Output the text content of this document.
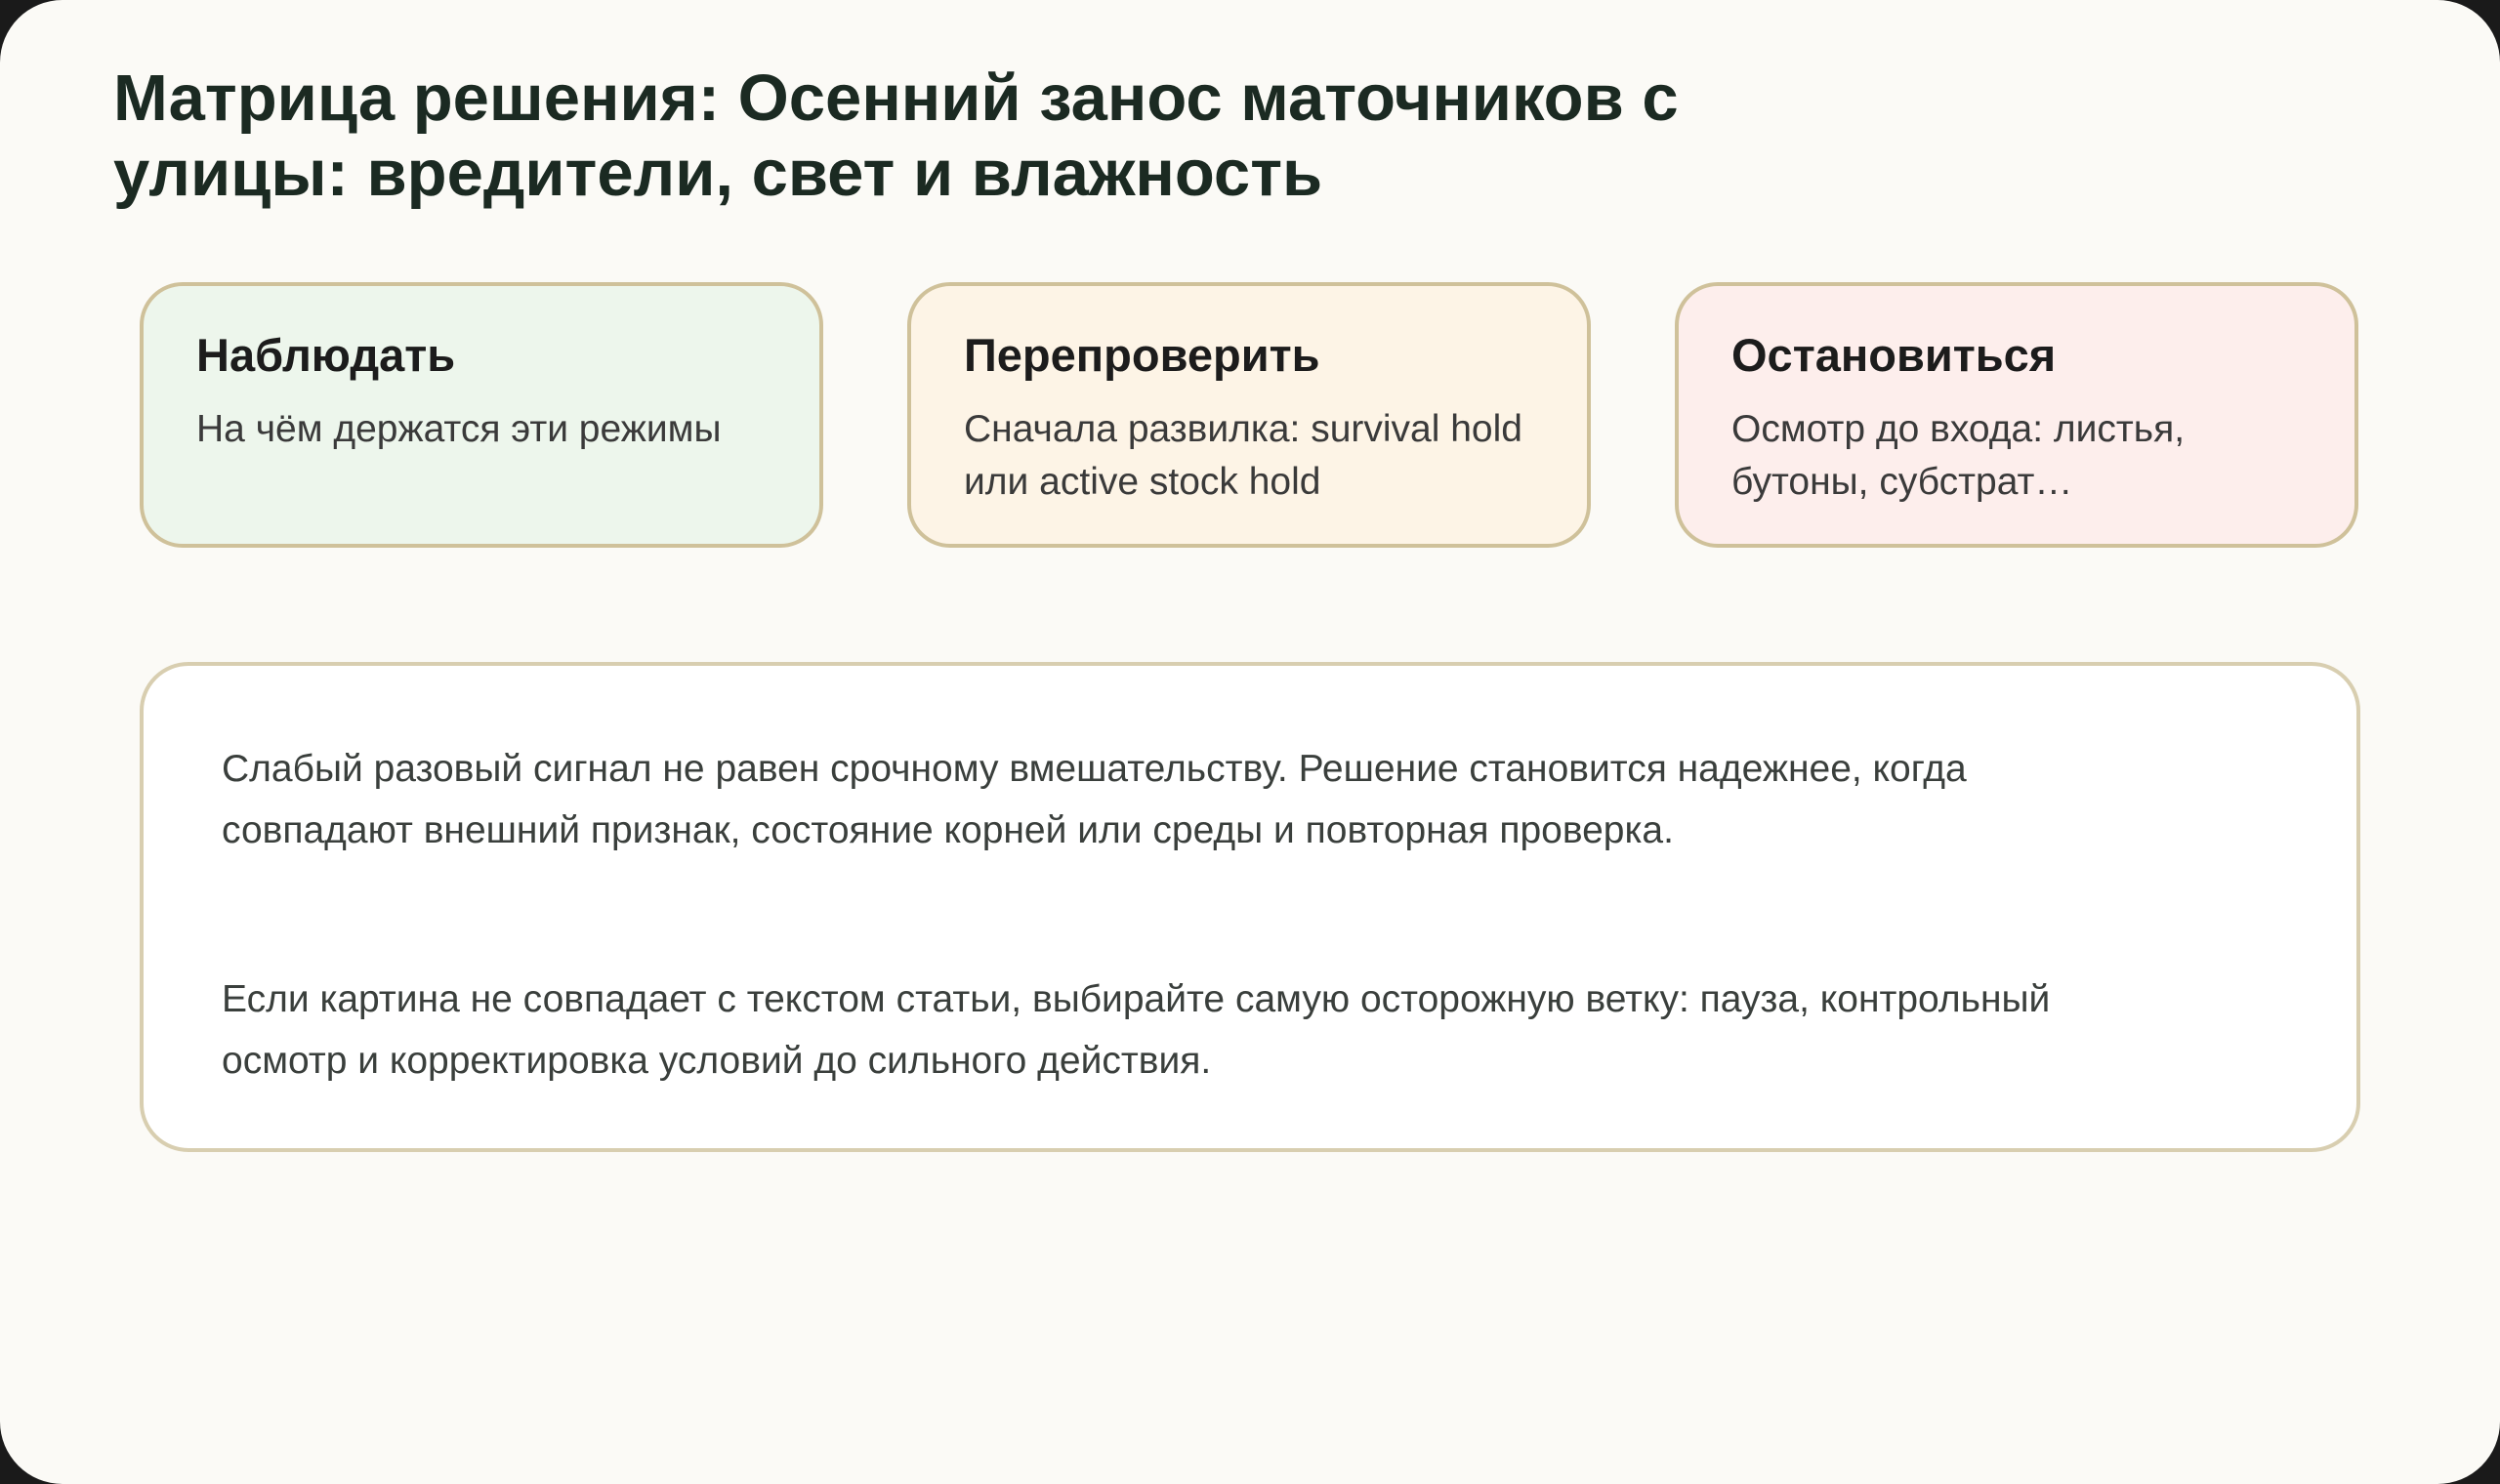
Матрица решения: Осенний занос маточников с улицы: вредители, свет и влажность
Наблюдать

На чём держатся эти режимы

Перепроверить

Сначала развилка: survival hold или active stock hold

Остановиться

Осмотр до входа: листья, бутоны, субстрат…

Слабый разовый сигнал не равен срочному вмешательству. Решение становится надежнее, когда совпадают внешний признак, состояние корней или среды и повторная проверка.

Если картина не совпадает с текстом статьи, выбирайте самую осторожную ветку: пауза, контрольный осмотр и корректировка условий до сильного действия.
